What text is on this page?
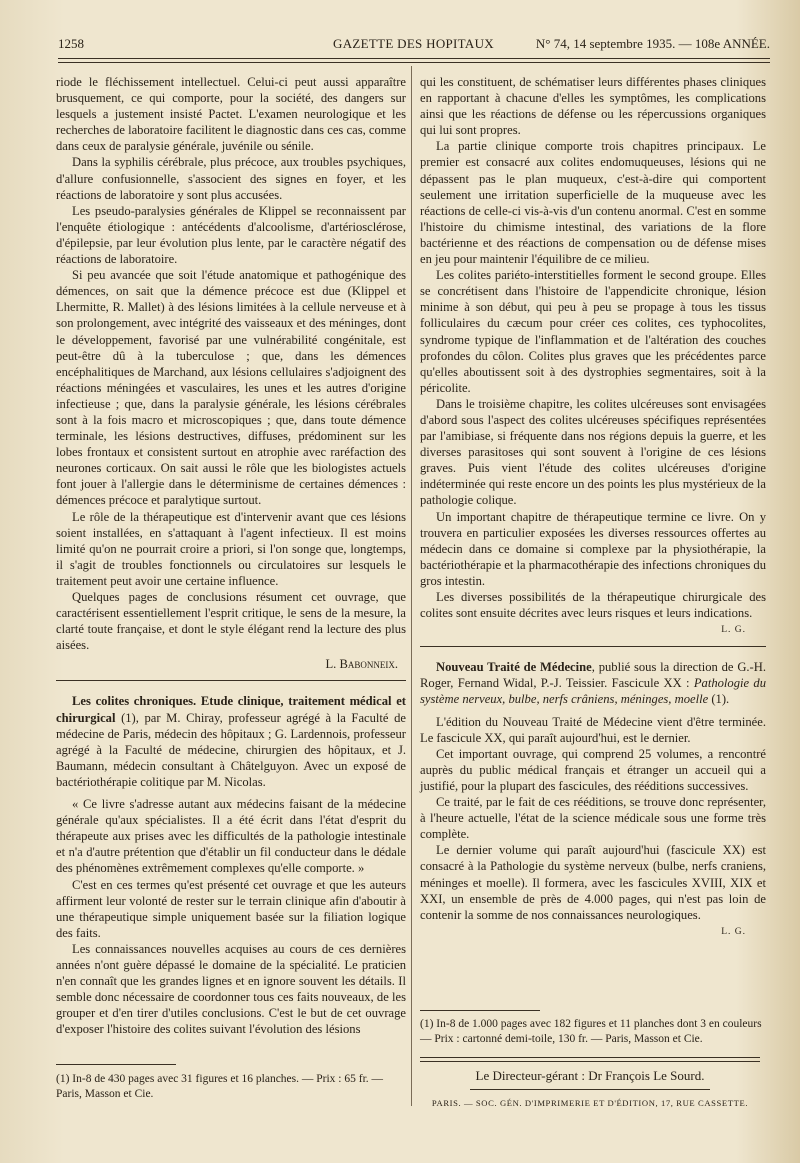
1258	GAZETTE DES HOPITAUX	N° 74, 14 septembre 1935. — 108e ANNÉE.

riode le fléchissement intellectuel. Celui-ci peut aussi apparaître brusquement, ce qui comporte, pour la société, des dangers sur lesquels a justement insisté Pactet. L'examen neurologique et les recherches de laboratoire facilitent le diagnostic dans ces cas, comme dans ceux de paralysie générale, juvénile ou sénile.

Dans la syphilis cérébrale, plus précoce, aux troubles psychiques, d'allure confusionnelle, s'associent des signes en foyer, et les réactions de laboratoire y sont plus accusées.

Les pseudo-paralysies générales de Klippel se reconnaissent par l'enquête étiologique : antécédents d'alcoolisme, d'artériosclérose, d'épilepsie, par leur évolution plus lente, par le caractère négatif des réactions de laboratoire.

Si peu avancée que soit l'étude anatomique et pathogénique des démences, on sait que la démence précoce est due (Klippel et Lhermitte, R. Mallet) à des lésions limitées à la cellule nerveuse et à son prolongement, avec intégrité des vaisseaux et des méninges, dont le développement, favorisé par une vulnérabilité congénitale, est peut-être dû à la tuberculose ; que, dans les démences encéphalitiques de Marchand, aux lésions cellulaires s'adjoignent des réactions méningées et vasculaires, les unes et les autres d'origine infectieuse ; que, dans la paralysie générale, les lésions cérébrales sont à la fois macro et microscopiques ; que, dans toute démence terminale, les lésions destructives, diffuses, prédominent sur les lobes frontaux et consistent surtout en atrophie avec raréfaction des neurones corticaux. On sait aussi le rôle que les biologistes actuels font jouer à l'allergie dans le déterminisme de certaines démences : démences précoce et paralytique surtout.

Le rôle de la thérapeutique est d'intervenir avant que ces lésions soient installées, en s'attaquant à l'agent infectieux. Il est moins limité qu'on ne pourrait croire a priori, si l'on songe que, longtemps, il s'agit de troubles fonctionnels ou circulatoires sur lesquels le traitement peut avoir une certaine influence.

Quelques pages de conclusions résument cet ouvrage, que caractérisent essentiellement l'esprit critique, le sens de la mesure, la clarté toute française, et dont le style élégant rend la lecture des plus aisées.

L. Babonneix.

Les colites chroniques. Etude clinique, traitement médical et chirurgical (1), par M. Chiray, professeur agrégé à la Faculté de médecine de Paris, médecin des hôpitaux ; G. Lardennois, professeur agrégé à la Faculté de médecine, chirurgien des hôpitaux, et J. Baumann, médecin consultant à Châtelguyon. Avec un exposé de bactériothérapie colitique par M. Nicolas.

« Ce livre s'adresse autant aux médecins faisant de la médecine générale qu'aux spécialistes. Il a été écrit dans l'état d'esprit du thérapeute aux prises avec les difficultés de la pathologie intestinale et n'a d'autre prétention que d'établir un fil conducteur dans le dédale des phénomènes extrêmement complexes qu'elle comporte. »

C'est en ces termes qu'est présenté cet ouvrage et que les auteurs affirment leur volonté de rester sur le terrain clinique afin d'aboutir à une thérapeutique simple uniquement basée sur la filiation logique des faits.

Les connaissances nouvelles acquises au cours de ces dernières années n'ont guère dépassé le domaine de la spécialité. Le praticien n'en connaît que les grandes lignes et en ignore souvent les détails. Il semble donc nécessaire de coordonner tous ces faits nouveaux, de les grouper et d'en tirer d'utiles conclusions. C'est le but de cet ouvrage d'exposer l'histoire des colites suivant l'évolution des lésions

qui les constituent, de schématiser leurs différentes phases cliniques en rapportant à chacune d'elles les symptômes, les complications ainsi que les réactions de défense ou les répercussions organiques qui lui sont propres.

La partie clinique comporte trois chapitres principaux. Le premier est consacré aux colites endomuqueuses, lésions qui ne dépassent pas le plan muqueux, c'est-à-dire qui comportent seulement une irritation superficielle de la muqueuse avec les réactions de celle-ci vis-à-vis d'un contenu anormal. C'est en somme l'histoire du chimisme intestinal, des variations de la flore bactérienne et des réactions de compensation ou de défense mises en jeu pour maintenir l'équilibre de ce milieu.

Les colites pariéto-interstitielles forment le second groupe. Elles se concrétisent dans l'histoire de l'appendicite chronique, lésion minime à son début, qui peu à peu se propage à tous les tissus folliculaires du cæcum pour créer ces colites, ces typhocolites, syndrome typique de l'inflammation et de l'altération des couches profondes du côlon. Colites plus graves que les précédentes parce qu'elles aboutissent soit à des dystrophies segmentaires, soit à la péricolite.

Dans le troisième chapitre, les colites ulcéreuses sont envisagées d'abord sous l'aspect des colites ulcéreuses spécifiques représentées par l'amibiase, si fréquente dans nos régions depuis la guerre, et les diverses parasitoses qui sont souvent à l'origine de ces lésions graves. Puis vient l'étude des colites ulcéreuses d'origine indéterminée qui reste encore un des points les plus mystérieux de la pathologie colique.

Un important chapitre de thérapeutique termine ce livre. On y trouvera en particulier exposées les diverses ressources offertes au médecin dans ce domaine si complexe par la physiothérapie, la bactériothérapie et la pharmacothérapie des infections chroniques du gros intestin.

Les diverses possibilités de la thérapeutique chirurgicale des colites sont ensuite décrites avec leurs risques et leurs indications.

L. G.

Nouveau Traité de Médecine, publié sous la direction de G.-H. Roger, Fernand Widal, P.-J. Teissier. Fascicule XX : Pathologie du système nerveux, bulbe, nerfs crâniens, méninges, moelle (1).

L'édition du Nouveau Traité de Médecine vient d'être terminée. Le fascicule XX, qui paraît aujourd'hui, est le dernier.

Cet important ouvrage, qui comprend 25 volumes, a rencontré auprès du public médical français et étranger un accueil qui a justifié, pour la plupart des fascicules, des rééditions successives.

Ce traité, par le fait de ces rééditions, se trouve donc représenter, à l'heure actuelle, l'état de la science médicale sous une forme très complète.

Le dernier volume qui paraît aujourd'hui (fascicule XX) est consacré à la Pathologie du système nerveux (bulbe, nerfs craniens, méninges et moelle). Il formera, avec les fascicules XVIII, XIX et XXI, un ensemble de près de 4.000 pages, qui n'est pas loin de contenir la somme de nos connaissances neurologiques.

L. G.
(1) In-8 de 1.000 pages avec 182 figures et 11 planches dont 3 en couleurs — Prix : cartonné demi-toile, 130 fr. — Paris, Masson et Cie.
Le Directeur-gérant : Dr François Le Sourd.
PARIS. — SOC. GÉN. D'IMPRIMERIE ET D'ÉDITION, 17, RUE CASSETTE.
(1) In-8 de 430 pages avec 31 figures et 16 planches. — Prix : 65 fr. — Paris, Masson et Cie.
